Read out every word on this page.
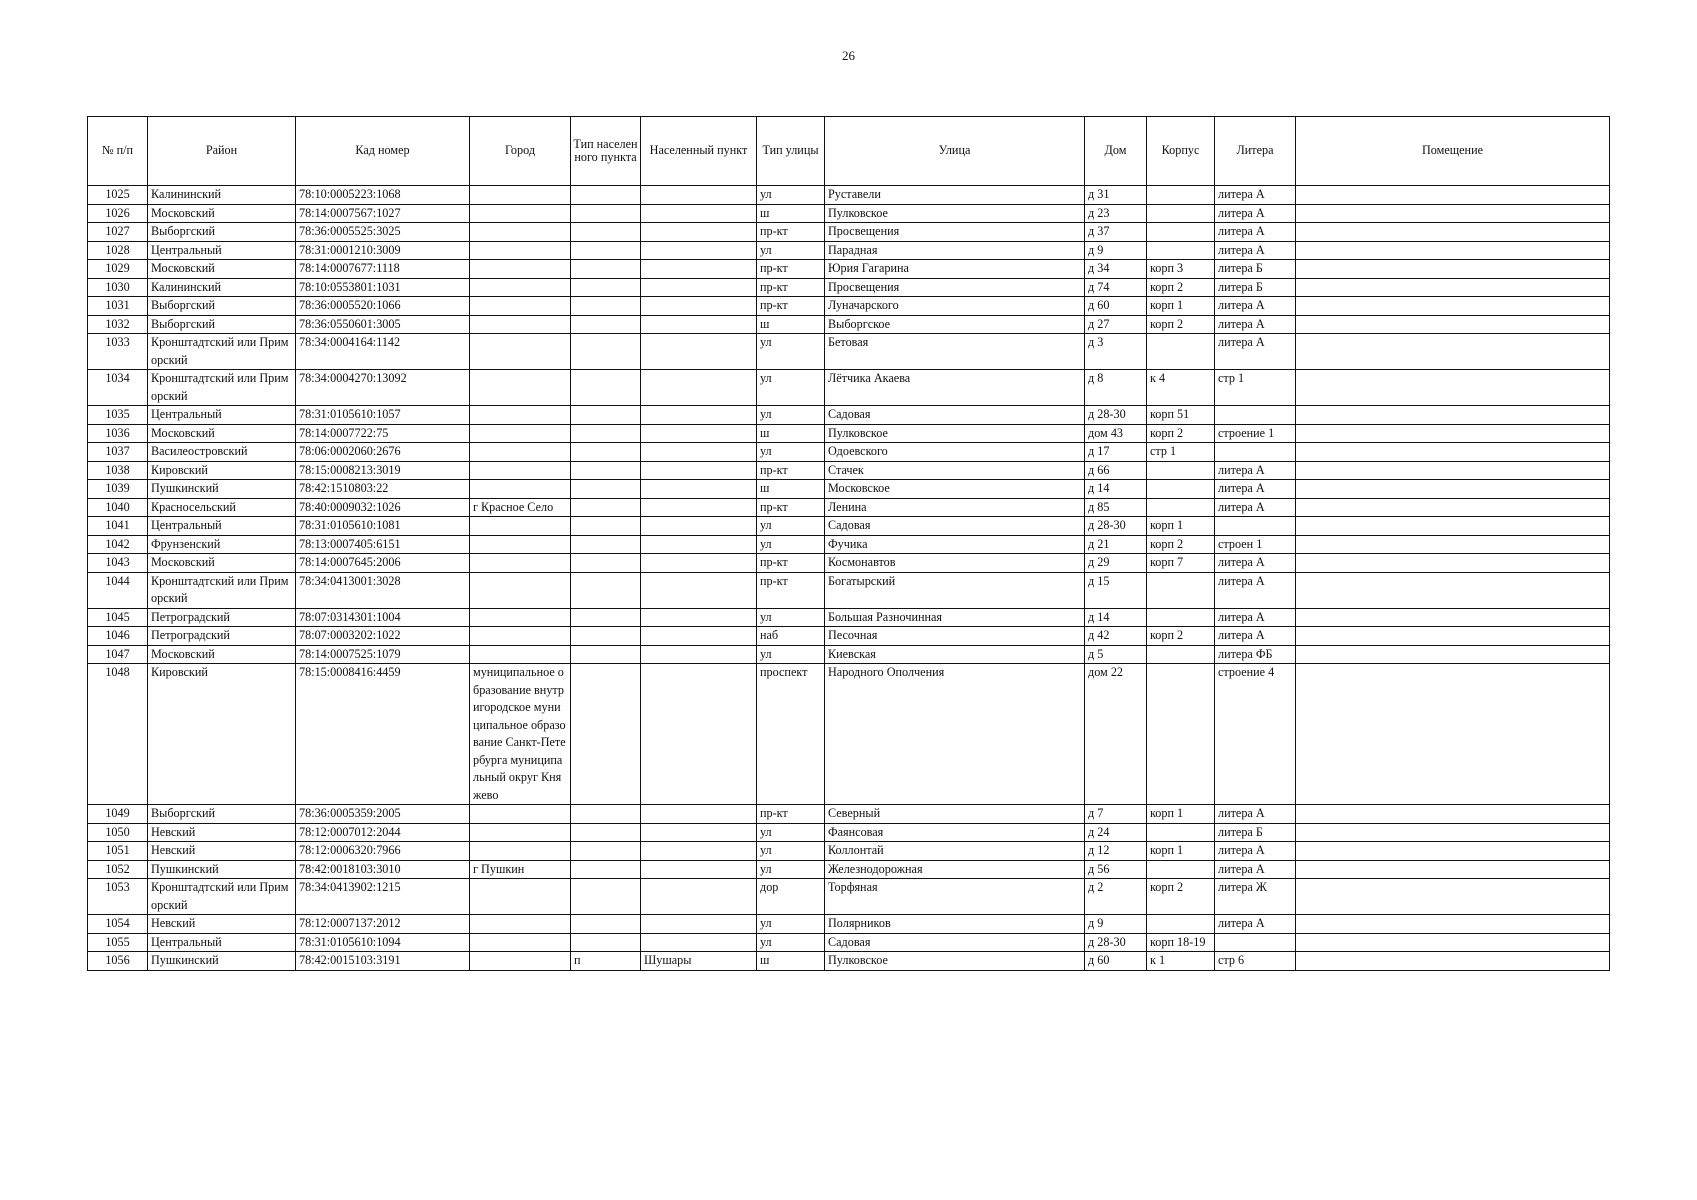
26
№ п/п	Район	Кад номер	Город	Тип населенного пункта	Населенный пункт	Тип улицы	Улица	Дом	Корпус	Литера	Помещение
1025	Калининский	78:10:0005223:1068				ул	Руставели	д 31		литера А	
1026	Московский	78:14:0007567:1027				ш	Пулковское	д 23		литера А	
1027	Выборгский	78:36:0005525:3025				пр-кт	Просвещения	д 37		литера А	
1028	Центральный	78:31:0001210:3009				ул	Парадная	д 9		литера А	
1029	Московский	78:14:0007677:1118				пр-кт	Юрия Гагарина	д 34	корп 3	литера Б	
1030	Калининский	78:10:0553801:1031				пр-кт	Просвещения	д 74	корп 2	литера Б	
1031	Выборгский	78:36:0005520:1066				пр-кт	Луначарского	д 60	корп 1	литера А	
1032	Выборгский	78:36:0550601:3005				ш	Выборгское	д 27	корп 2	литера А	
1033	Кронштадтский или Приморский	78:34:0004164:1142				ул	Бетовая	д 3		литера А	
1034	Кронштадтский или Приморский	78:34:0004270:13092				ул	Лётчика Акаева	д 8	к 4	стр 1	
1035	Центральный	78:31:0105610:1057				ул	Садовая	д 28-30	корп 51		
1036	Московский	78:14:0007722:75				ш	Пулковское	дом 43	корп 2	строение 1	
1037	Василеостровский	78:06:0002060:2676				ул	Одоевского	д 17	стр 1		
1038	Кировский	78:15:0008213:3019				пр-кт	Стачек	д 66		литера А	
1039	Пушкинский	78:42:1510803:22				ш	Московское	д 14		литера А	
1040	Красносельский	78:40:0009032:1026	г Красное Село			пр-кт	Ленина	д 85		литера А	
1041	Центральный	78:31:0105610:1081				ул	Садовая	д 28-30	корп 1		
1042	Фрунзенский	78:13:0007405:6151				ул	Фучика	д 21	корп 2	строен 1	
1043	Московский	78:14:0007645:2006				пр-кт	Космонавтов	д 29	корп 7	литера А	
1044	Кронштадтский или Приморский	78:34:0413001:3028				пр-кт	Богатырский	д 15		литера А	
1045	Петроградский	78:07:0314301:1004				ул	Большая Разночинная	д 14		литера А	
1046	Петроградский	78:07:0003202:1022				наб	Песочная	д 42	корп 2	литера А	
1047	Московский	78:14:0007525:1079				ул	Киевская	д 5		литера ФБ	
1048	Кировский	78:15:0008416:4459	муниципальное образование внутригородское муниципальное образование Санкт-Петербурга муниципальный округ Княжево			проспект	Народного Ополчения	дом 22		строение 4	
1049	Выборгский	78:36:0005359:2005				пр-кт	Северный	д 7	корп 1	литера А	
1050	Невский	78:12:0007012:2044				ул	Фаянсовая	д 24		литера Б	
1051	Невский	78:12:0006320:7966				ул	Коллонтай	д 12	корп 1	литера А	
1052	Пушкинский	78:42:0018103:3010	г Пушкин			ул	Железнодорожная	д 56		литера А	
1053	Кронштадтский или Приморский	78:34:0413902:1215				дор	Торфяная	д 2	корп 2	литера Ж	
1054	Невский	78:12:0007137:2012				ул	Полярников	д 9		литера А	
1055	Центральный	78:31:0105610:1094				ул	Садовая	д 28-30	корп 18-19		
1056	Пушкинский	78:42:0015103:3191		п	Шушары	ш	Пулковское	д 60	к 1	стр 6	
